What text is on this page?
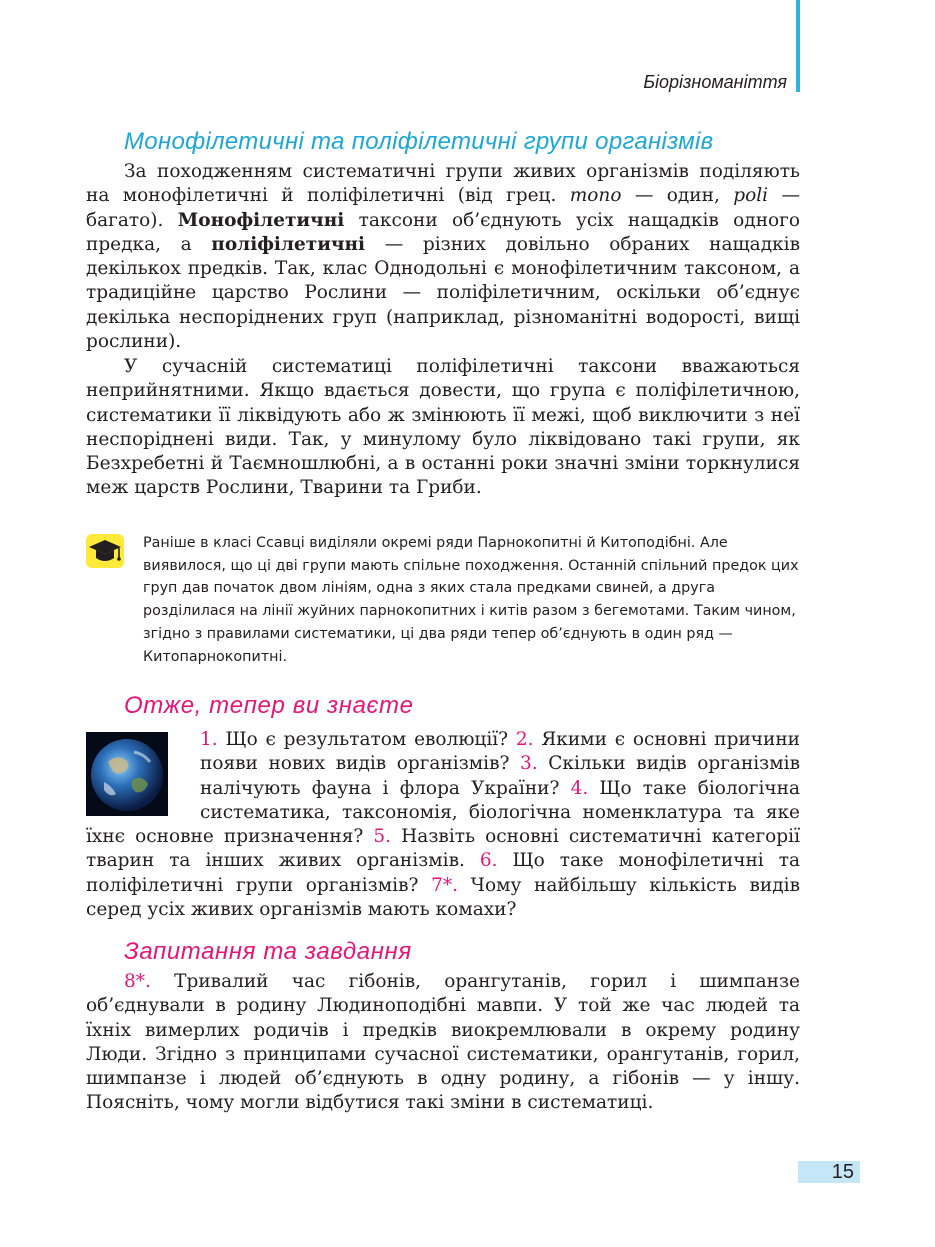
Біорізноманіття
Монофілетичні та поліфілетичні групи організмів

За походженням систематичні групи живих організмів поділяють на монофілетичні й поліфілетичні (від грец. mono — один, poli — багато). Монофілетичні таксони об’єднують усіх нащадків одного предка, а поліфілетичні — різних довільно обраних нащадків декількох предків. Так, клас Однодольні є монофілетичним таксоном, а традиційне царство Рослини — поліфілетичним, оскільки об’єднує декілька неспоріднених груп (наприклад, різноманітні водорості, вищі рослини).

У сучасній систематиці поліфілетичні таксони вважаються неприйнятними. Якщо вдається довести, що група є поліфілетичною, систематики її ліквідують або ж змінюють її межі, щоб виключити з неї неспоріднені види. Так, у минулому було ліквідовано такі групи, як Безхребетні й Таємношлюбні, а в останні роки значні зміни торкнулися меж царств Рослини, Тварини та Гриби.

Раніше в класі Ссавці виділяли окремі ряди Парнокопитні й Китоподібні. Але виявилося, що ці дві групи мають спільне походження. Останній спільний предок цих груп дав початок двом лініям, одна з яких стала предками свиней, а друга розділилася на лінії жуйних парнокопитних і китів разом з бегемотами. Таким чином, згідно з правилами систематики, ці два ряди тепер об’єднують в один ряд — Китопарнокопитні.

Отже, тепер ви знаєте
1. Що є результатом еволюції? 2. Якими є основні причини появи нових видів організмів? 3. Скільки видів організмів налічують фауна і флора України? 4. Що таке біологічна систематика, таксономія, біологічна номенклатура та яке їхнє основне призначення? 5. Назвіть основні систематичні категорії тварин та інших живих організмів. 6. Що таке монофілетичні та поліфілетичні групи організмів? 7*. Чому найбільшу кількість видів серед усіх живих організмів мають комахи?
Запитання та завдання

8*. Тривалий час гібонів, орангутанів, горил і шимпанзе об’єднували в родину Людиноподібні мавпи. У той же час людей та їхніх вимерлих родичів і предків виокремлювали в окрему родину Люди. Згідно з принципами сучасної систематики, орангутанів, горил, шимпанзе і людей об’єднують в одну родину, а гібонів — у іншу. Поясніть, чому могли відбутися такі зміни в систематиці.

15
